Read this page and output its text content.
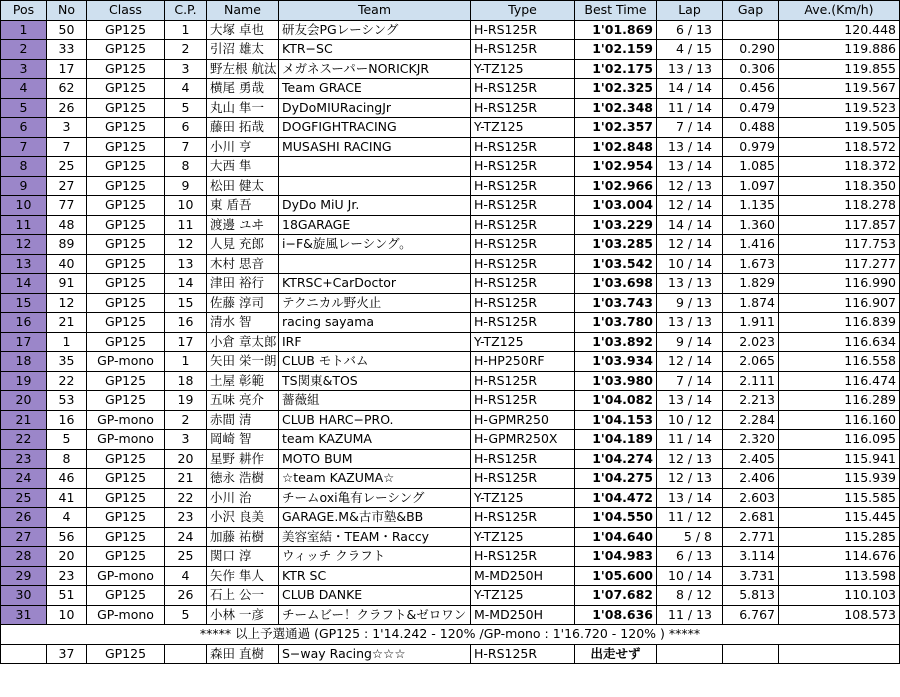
Pos	No	Class	C.P.	Name	Team	Type	Best Time	Lap	Gap	Ave.(Km/h)
1	50	GP125	1	大塚 卓也	研友会PGレーシング	H-RS125R	1'01.869	6 / 13		120.448
2	33	GP125	2	引沼 雄太	KTR−SC	H-RS125R	1'02.159	4 / 15	0.290	119.886
3	17	GP125	3	野左根 航汰	メガネスーパーNORICKJR	Y-TZ125	1'02.175	13 / 13	0.306	119.855
4	62	GP125	4	横尾 勇哉	Team GRACE	H-RS125R	1'02.325	14 / 14	0.456	119.567
5	26	GP125	5	丸山 隼一	DyDoMIURacingJr	H-RS125R	1'02.348	11 / 14	0.479	119.523
6	3	GP125	6	藤田 拓哉	DOGFIGHTRACING	Y-TZ125	1'02.357	7 / 14	0.488	119.505
7	7	GP125	7	小川 亨	MUSASHI RACING	H-RS125R	1'02.848	13 / 14	0.979	118.572
8	25	GP125	8	大西 隼		H-RS125R	1'02.954	13 / 14	1.085	118.372
9	27	GP125	9	松田 健太		H-RS125R	1'02.966	12 / 13	1.097	118.350
10	77	GP125	10	東 盾吾	DyDo MiU Jr.	H-RS125R	1'03.004	12 / 14	1.135	118.278
11	48	GP125	11	渡邊 ユヰ	18GARAGE	H-RS125R	1'03.229	14 / 14	1.360	117.857
12	89	GP125	12	人見 充郎	i−F&旋風レーシング。	H-RS125R	1'03.285	12 / 14	1.416	117.753
13	40	GP125	13	木村 思音		H-RS125R	1'03.542	10 / 14	1.673	117.277
14	91	GP125	14	津田 裕行	KTRSC+CarDoctor	H-RS125R	1'03.698	13 / 13	1.829	116.990
15	12	GP125	15	佐藤 淳司	テクニカル野火止	H-RS125R	1'03.743	9 / 13	1.874	116.907
16	21	GP125	16	清水 智	racing sayama	H-RS125R	1'03.780	13 / 13	1.911	116.839
17	1	GP125	17	小倉 章太郎	IRF	Y-TZ125	1'03.892	9 / 14	2.023	116.634
18	35	GP-mono	1	矢田 栄一朗	CLUB モトバム	H-HP250RF	1'03.934	12 / 14	2.065	116.558
19	22	GP125	18	土屋 彰範	TS関東&TOS	H-RS125R	1'03.980	7 / 14	2.111	116.474
20	53	GP125	19	五味 亮介	薔薇組	H-RS125R	1'04.082	13 / 14	2.213	116.289
21	16	GP-mono	2	赤間 清	CLUB HARC−PRO.	H-GPMR250	1'04.153	10 / 12	2.284	116.160
22	5	GP-mono	3	岡崎 智	team KAZUMA	H-GPMR250X	1'04.189	11 / 14	2.320	116.095
23	8	GP125	20	星野 耕作	MOTO BUM	H-RS125R	1'04.274	12 / 13	2.405	115.941
24	46	GP125	21	徳永 浩樹	☆team KAZUMA☆	H-RS125R	1'04.275	12 / 13	2.406	115.939
25	41	GP125	22	小川 治	チームoxi亀有レーシング	Y-TZ125	1'04.472	13 / 14	2.603	115.585
26	4	GP125	23	小沢 良美	GARAGE.M&古市塾&BB	H-RS125R	1'04.550	11 / 12	2.681	115.445
27	56	GP125	24	加藤 祐樹	美容室結・TEAM・Raccy	Y-TZ125	1'04.640	5 / 8	2.771	115.285
28	20	GP125	25	関口 淳	ウィッチ クラフト	H-RS125R	1'04.983	6 / 13	3.114	114.676
29	23	GP-mono	4	矢作 隼人	KTR SC	M-MD250H	1'05.600	10 / 14	3.731	113.598
30	51	GP125	26	石上 公一	CLUB DANKE	Y-TZ125	1'07.682	8 / 12	5.813	110.103
31	10	GP-mono	5	小林 一彦	チームビー！クラフト&ゼロワン	M-MD250H	1'08.636	11 / 13	6.767	108.573
***** 以上予選通過 (GP125 : 1'14.242 - 120% /GP-mono : 1'16.720 - 120% ) *****										
	37	GP125		森田 直樹	S−way Racing☆☆☆	H-RS125R	出走せず			
